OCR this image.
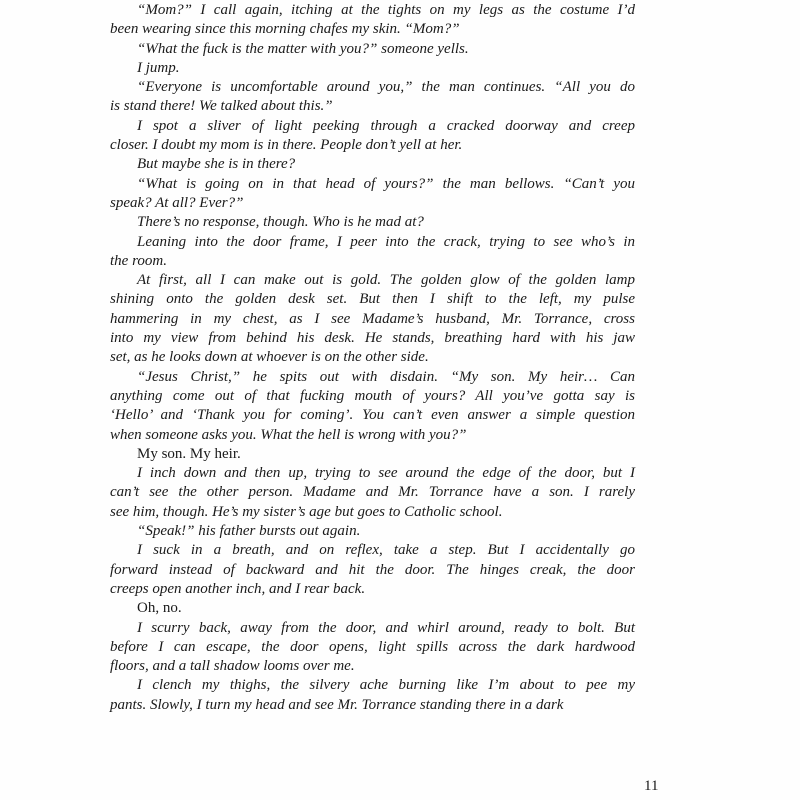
“Mom?” I call again, itching at the tights on my legs as the costume I’d
been wearing since this morning chafes my skin. “Mom?”
“What the fuck is the matter with you?” someone yells.
I jump.
“Everyone is uncomfortable around you,” the man continues. “All you do
is stand there! We talked about this.”
I spot a sliver of light peeking through a cracked doorway and creep
closer. I doubt my mom is in there. People don’t yell at her.
But maybe she is in there?
“What is going on in that head of yours?” the man bellows. “Can’t you
speak? At all? Ever?”
There’s no response, though. Who is he mad at?
Leaning into the door frame, I peer into the crack, trying to see who’s in
the room.
At first, all I can make out is gold. The golden glow of the golden lamp
shining onto the golden desk set. But then I shift to the left, my pulse
hammering in my chest, as I see Madame’s husband, Mr. Torrance, cross
into my view from behind his desk. He stands, breathing hard with his jaw
set, as he looks down at whoever is on the other side.
“Jesus Christ,” he spits out with disdain. “My son. My heir… Can
anything come out of that fucking mouth of yours? All you’ve gotta say is
‘Hello’ and ‘Thank you for coming’. You can’t even answer a simple question
when someone asks you. What the hell is wrong with you?”
My son. My heir.
I inch down and then up, trying to see around the edge of the door, but I
can’t see the other person. Madame and Mr. Torrance have a son. I rarely
see him, though. He’s my sister’s age but goes to Catholic school.
“Speak!” his father bursts out again.
I suck in a breath, and on reflex, take a step. But I accidentally go
forward instead of backward and hit the door. The hinges creak, the door
creeps open another inch, and I rear back.
Oh, no.
I scurry back, away from the door, and whirl around, ready to bolt. But
before I can escape, the door opens, light spills across the dark hardwood
floors, and a tall shadow looms over me.
I clench my thighs, the silvery ache burning like I’m about to pee my
pants. Slowly, I turn my head and see Mr. Torrance standing there in a dark
11
